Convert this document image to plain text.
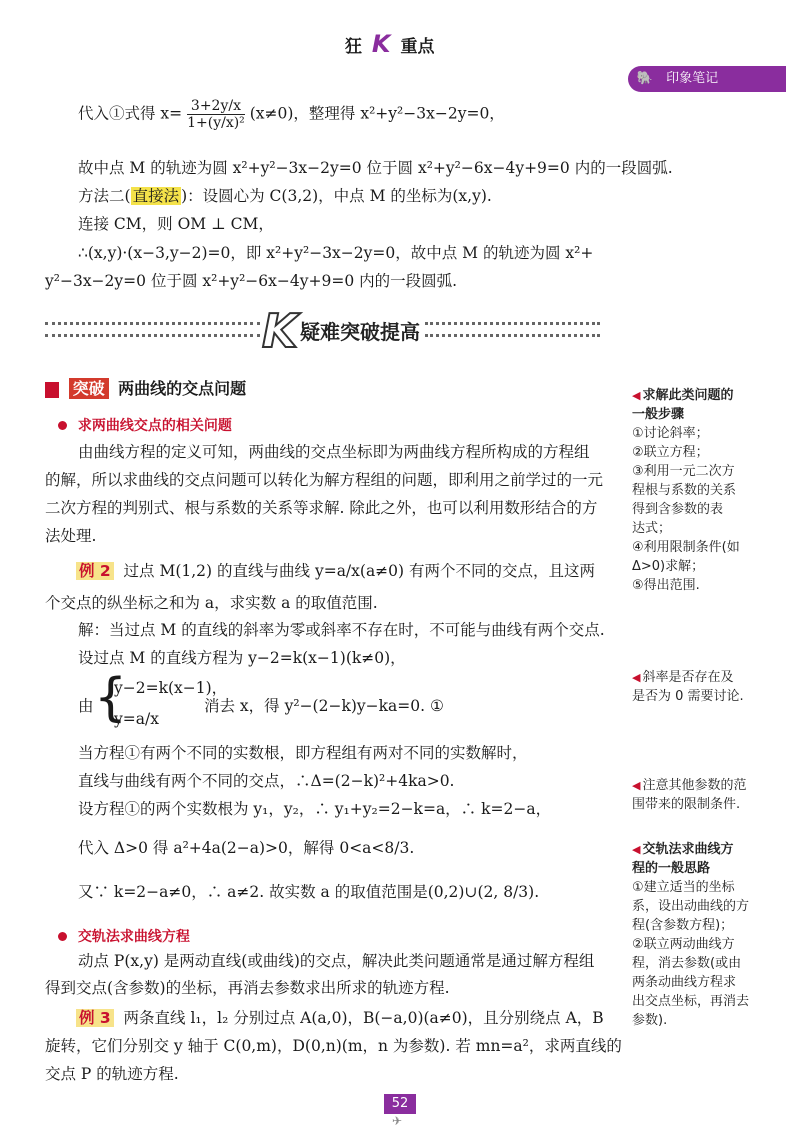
狂 K 重点
🐘 印象笔记
代入①式得 $x= \frac{3+2y/x}{\text{1+(y/x)²}} (x\ne 0)$，整理得 x²+y²−3x−2y=0，
故中点 M 的轨迹为圆 x²+y²−3x−2y=0 位于圆 x²+y²−6x−4y+9=0 内的一段圆弧.
方法二( 直接法 )：设圆心为 C(3,2)，中点 M 的坐标为(x,y).
连接 CM，则 OM ⊥ CM，
∴(x,y)·(x−3,y−2)=0，即 x²+y²−3x−2y=0，故中点 M 的轨迹为圆 x²+
y²−3x−2y=0 位于圆 x²+y²−6x−4y+9=0 内的一段圆弧.
K 疑难突破提高
突破 两曲线的交点问题
求两曲线交点的相关问题
由曲线方程的定义可知，两曲线的交点坐标即为两曲线方程所构成的方程组
的解，所以求曲线的交点问题可以转化为解方程组的问题，即利用之前学过的一元
二次方程的判别式、根与系数的关系等求解. 除此之外，也可以利用数形结合的方
法处理.
例 2 过点 M(1,2) 的直线与曲线 y=a/x(a≠0) 有两个不同的交点，且这两
个交点的纵坐标之和为 a，求实数 a 的取值范围.
解：当过点 M 的直线的斜率为零或斜率不存在时，不可能与曲线有两个交点.
设过点 M 的直线方程为 y−2=k(x−1)(k≠0)，
由 {
y−2=k(x−1)，
y=a/x
消去 x，得 y²−(2−k)y−ka=0. ①
当方程①有两个不同的实数根，即方程组有两对不同的实数解时，
直线与曲线有两个不同的交点，∴Δ=(2−k)²+4ka>0.
设方程①的两个实数根为 y₁，y₂，∴ y₁+y₂=2−k=a，∴ k=2−a，
代入 Δ>0 得 a²+4a(2−a)>0，解得 0<a<8/3.
又∵ k=2−a≠0，∴ a≠2. 故实数 a 的取值范围是(0,2)∪(2, 8/3).
交轨法求曲线方程
动点 P(x,y) 是两动直线(或曲线)的交点，解决此类问题通常是通过解方程组
得到交点(含参数)的坐标，再消去参数求出所求的轨迹方程.
例 3 两条直线 l₁，l₂ 分别过点 A(a,0)，B(−a,0)(a≠0)，且分别绕点 A，B
旋转，它们分别交 y 轴于 C(0,m)，D(0,n)(m，n 为参数). 若 mn=a²，求两直线的
交点 P 的轨迹方程.

◀ 求解此类问题的

一般步骤

①讨论斜率；

②联立方程；

③利用一元二次方

程根与系数的关系

得到含参数的表

达式；

④利用限制条件(如

Δ>0)求解；

⑤得出范围.

◀ 斜率是否存在及

是否为 0 需要讨论.

◀ 注意其他参数的范

围带来的限制条件.

◀ 交轨法求曲线方

程的一般思路

①建立适当的坐标

系，设出动曲线的方

程(含参数方程)；

②联立两动曲线方

程，消去参数(或由

两条动曲线方程求

出交点坐标，再消去

参数).

52
✈
